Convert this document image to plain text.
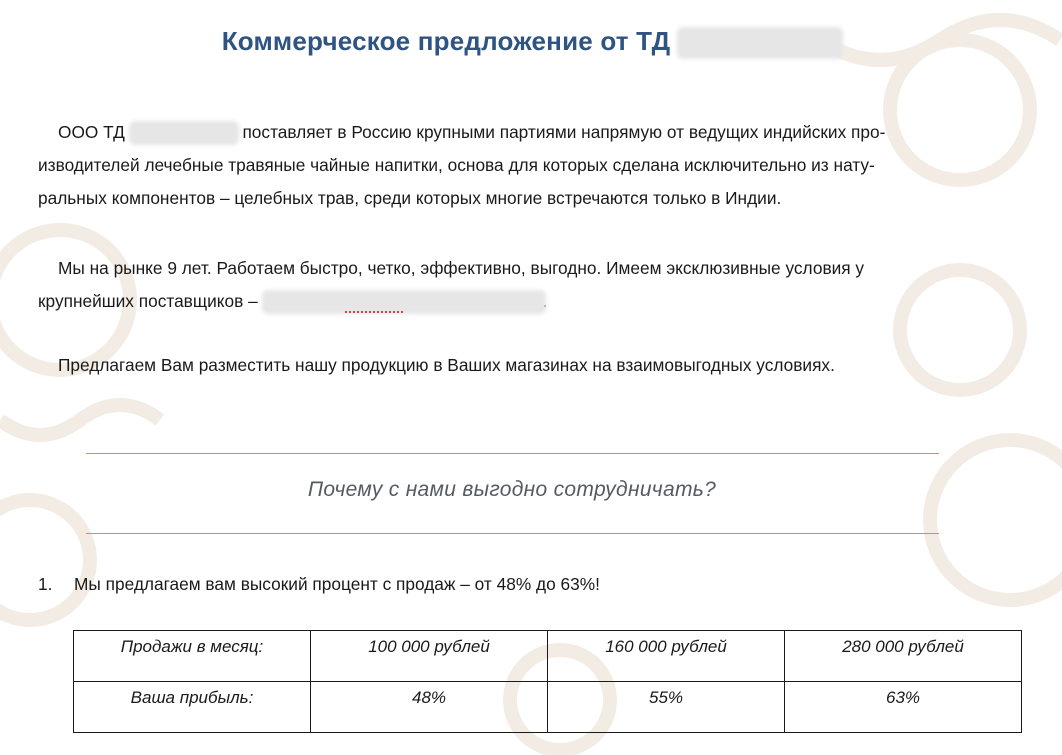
Коммерческое предложение от ТД
ООО ТД	поставляет в Россию крупными партиями напрямую от ведущих индийских про-
изводителей лечебные травяные чайные напитки, основа для которых сделана исключительно из нату-
ральных компонентов – целебных трав, среди которых многие встречаются только в Индии.
Мы на рынке 9 лет. Работаем быстро, четко, эффективно, выгодно. Имеем эксклюзивные условия у
крупнейших поставщиков –	.
Предлагаем Вам разместить нашу продукцию в Ваших магазинах на взаимовыгодных условиях.
Почему с нами выгодно сотрудничать?
1. Мы предлагаем вам высокий процент с продаж – от 48% до 63%!
Продажи в месяц:	100 000 рублей	160 000 рублей	280 000 рублей
Ваша прибыль:	48%	55%	63%
